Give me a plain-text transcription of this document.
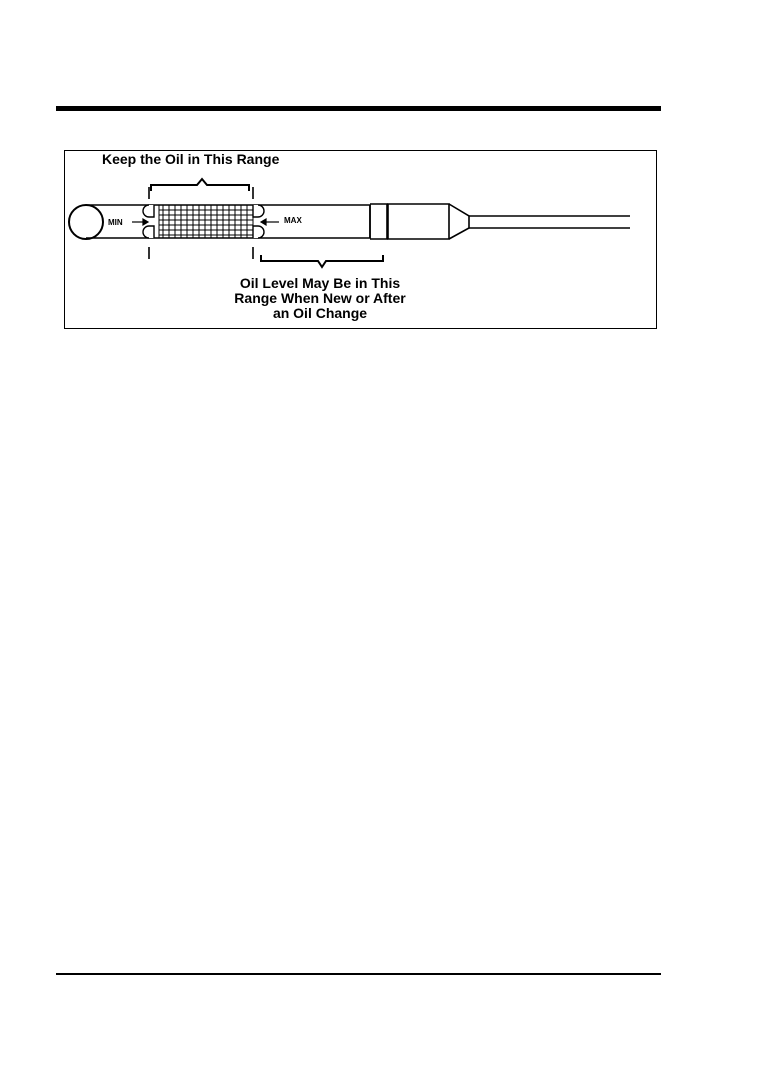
Keep the Oil in This Range
MIN	MAX
Oil Level May Be in This
Range When New or After
an Oil Change
